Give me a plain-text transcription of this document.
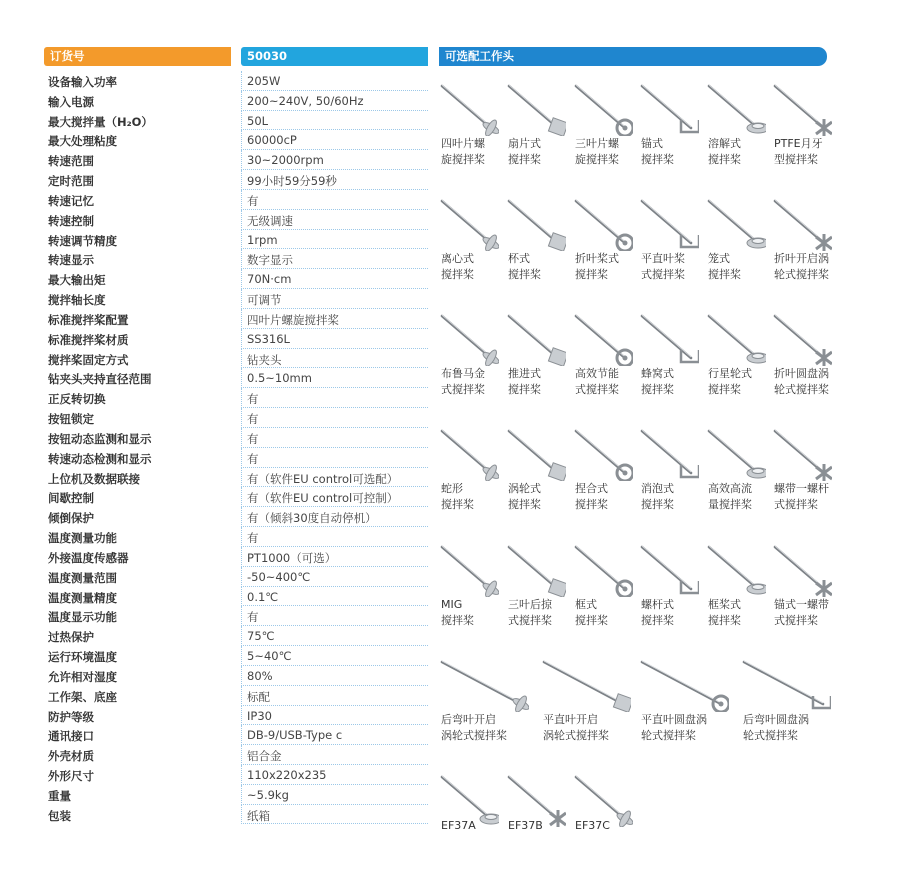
订货号	50030	可选配工作头
设备输入功率	205W
输入电源	200~240V, 50/60Hz
最大搅拌量（H₂O）	50L
最大处理粘度	60000cP
转速范围	30~2000rpm
定时范围	99小时59分59秒
转速记忆	有
转速控制	无级调速
转速调节精度	1rpm
转速显示	数字显示
最大输出矩	70N·cm
搅拌轴长度	可调节
标准搅拌桨配置	四叶片螺旋搅拌桨
标准搅拌桨材质	SS316L
搅拌桨固定方式	钻夹头
钻夹头夹持直径范围	0.5~10mm
正反转切换	有
按钮锁定	有
按钮动态监测和显示	有
转速动态检测和显示	有
上位机及数据联接	有（软件EU control可选配）
间歇控制	有（软件EU control可控制）
倾倒保护	有（倾斜30度自动停机）
温度测量功能	有
外接温度传感器	PT1000（可选）
温度测量范围	-50~400℃
温度测量精度	0.1℃
温度显示功能	有
过热保护	75℃
运行环境温度	5~40℃
允许相对湿度	80%
工作架、底座	标配
防护等级	IP30
通讯接口	DB-9/USB-Type c
外壳材质	铝合金
外形尺寸	110x220x235
重量	~5.9kg
包装	纸箱
四叶片螺
旋搅拌桨
扇片式
搅拌桨
三叶片螺
旋搅拌桨
锚式
搅拌桨
溶解式
搅拌桨
PTFE月牙
型搅拌桨
离心式
搅拌桨
杯式
搅拌桨
折叶桨式
搅拌桨
平直叶桨
式搅拌桨
笼式
搅拌桨
折叶开启涡
轮式搅拌桨
布鲁马金
式搅拌桨
推进式
搅拌桨
高效节能
式搅拌桨
蜂窝式
搅拌桨
行星轮式
搅拌桨
折叶圆盘涡
轮式搅拌桨
蛇形
搅拌桨
涡轮式
搅拌桨
捏合式
搅拌桨
消泡式
搅拌桨
高效高流
量搅拌桨
螺带一螺杆
式搅拌桨
MIG
搅拌桨
三叶后掠
式搅拌桨
框式
搅拌桨
螺杆式
搅拌桨
框桨式
搅拌桨
锚式一螺带
式搅拌桨
后弯叶开启
涡轮式搅拌桨
平直叶开启
涡轮式搅拌桨
平直叶圆盘涡
轮式搅拌桨
后弯叶圆盘涡
轮式搅拌桨
EF37A	EF37B	EF37C
